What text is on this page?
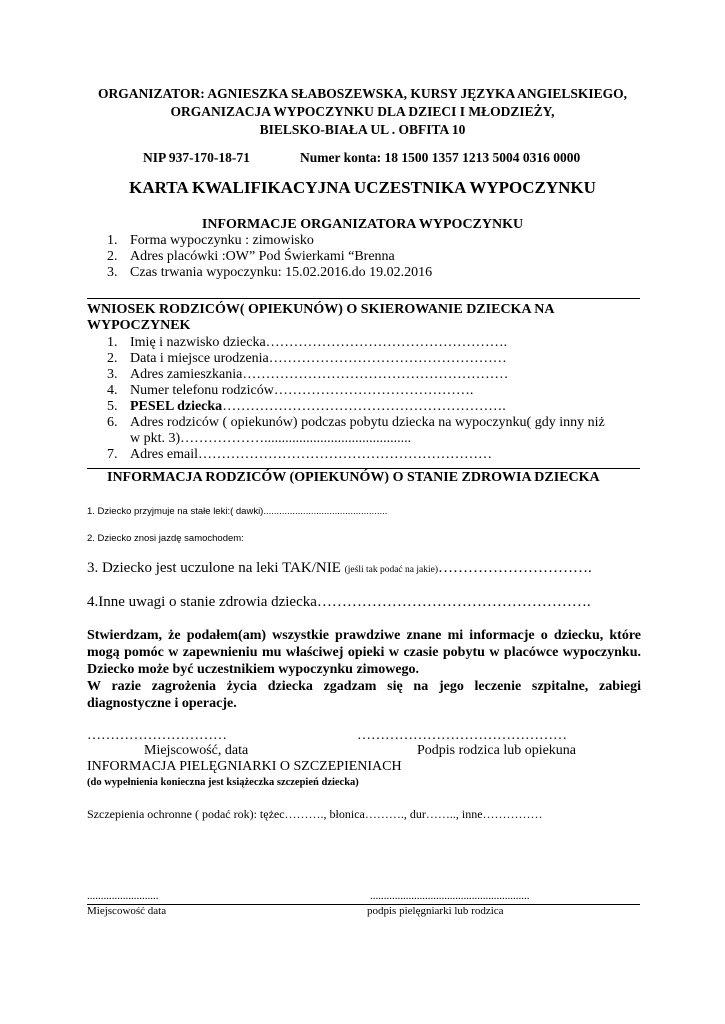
ORGANIZATOR: AGNIESZKA SŁABOSZEWSKA, KURSY JĘZYKA ANGIELSKIEGO,
ORGANIZACJA WYPOCZYNKU DLA DZIECI I MŁODZIEŻY,
BIELSKO-BIAŁA UL . OBFITA 10
NIP 937-170-18-71	Numer konta: 18 1500 1357 1213 5004 0316 0000
KARTA KWALIFIKACYJNA UCZESTNIKA WYPOCZYNKU
INFORMACJE ORGANIZATORA WYPOCZYNKU
1. Forma wypoczynku : zimowisko
2. Adres placówki :OW” Pod Świerkami “Brenna
3. Czas trwania wypoczynku: 15.02.2016.do 19.02.2016
WNIOSEK RODZICÓW( OPIEKUNÓW) O SKIEROWANIE DZIECKA NA
WYPOCZYNEK
1. Imię i nazwisko dziecka…………………………………………….
2. Data i miejsce urodzenia……………………………………………
3. Adres zamieszkania…………………………………………………
4. Numer telefonu rodziców…………………………………….
5. PESEL dziecka…………………………………………………….
6. Adres rodziców ( opiekunów) podczas pobytu dziecka na wypoczynku( gdy inny niż
w pkt. 3)………………..........................................
7. Adres email………………………………………………………
INFORMACJA RODZICÓW (OPIEKUNÓW) O STANIE ZDROWIA DZIECKA
1. Dziecko przyjmuje na stałe leki:( dawki)...............................................
2. Dziecko znosi jazdę samochodem:
3. Dziecko jest uczulone na leki TAK/NIE (jeśli tak podać na jakie)………………………….
4.Inne uwagi o stanie zdrowia dziecka……………………………………………….
Stwierdzam, że podałem(am) wszystkie prawdziwe znane mi informacje o dziecku, które mogą pomóc w zapewnieniu mu właściwej opieki w czasie pobytu w placówce wypoczynku. Dziecko może być uczestnikiem wypoczynku zimowego.
W razie zagrożenia życia dziecka zgadzam się na jego leczenie szpitalne, zabiegi diagnostyczne i operacje.
…………………………	………………………………………
Miejscowość, data	Podpis rodzica lub opiekuna
INFORMACJA PIELĘGNIARKI O SZCZEPIENIACH
(do wypełnienia konieczna jest książeczka szczepień dziecka)
Szczepienia ochronne ( podać rok): tężec………., błonica………., dur…….., inne……………
..........................	..........................................................
Miejscowość data	podpis pielęgniarki lub rodzica
